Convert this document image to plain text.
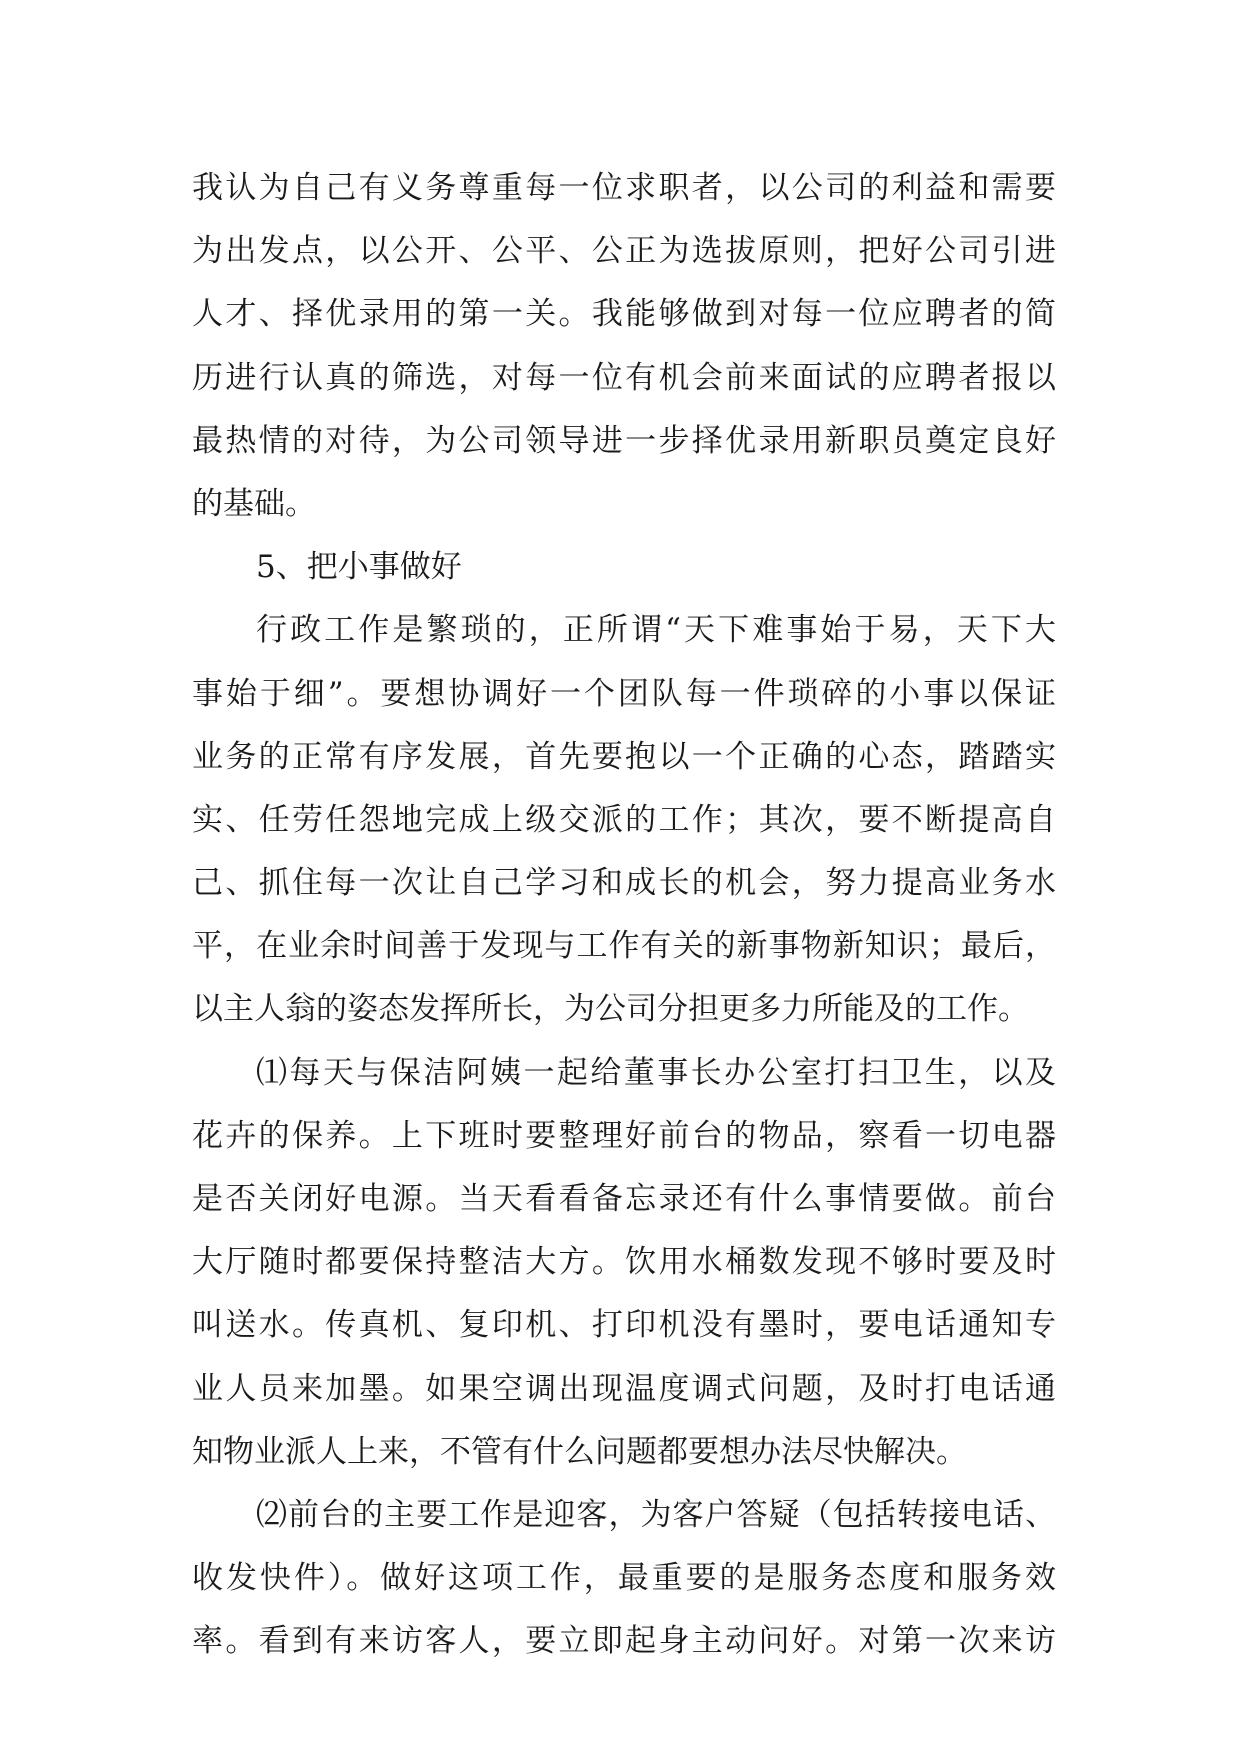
我认为自己有义务尊重每一位求职者，以公司的利益和需要
为出发点，以公开、公平、公正为选拔原则，把好公司引进
人才、择优录用的第一关。我能够做到对每一位应聘者的简
历进行认真的筛选，对每一位有机会前来面试的应聘者报以
最热情的对待，为公司领导进一步择优录用新职员奠定良好
的基础。
5、把小事做好
行政工作是繁琐的，正所谓“天下难事始于易，天下大
事始于细”。要想协调好一个团队每一件琐碎的小事以保证
业务的正常有序发展，首先要抱以一个正确的心态，踏踏实
实、任劳任怨地完成上级交派的工作；其次，要不断提高自
己、抓住每一次让自己学习和成长的机会，努力提高业务水
平，在业余时间善于发现与工作有关的新事物新知识；最后，
以主人翁的姿态发挥所长，为公司分担更多力所能及的工作。
⑴每天与保洁阿姨一起给董事长办公室打扫卫生，以及
花卉的保养。上下班时要整理好前台的物品，察看一切电器
是否关闭好电源。当天看看备忘录还有什么事情要做。前台
大厅随时都要保持整洁大方。饮用水桶数发现不够时要及时
叫送水。传真机、复印机、打印机没有墨时，要电话通知专
业人员来加墨。如果空调出现温度调式问题，及时打电话通
知物业派人上来，不管有什么问题都要想办法尽快解决。
⑵前台的主要工作是迎客，为客户答疑（包括转接电话、
收发快件）。做好这项工作，最重要的是服务态度和服务效
率。看到有来访客人，要立即起身主动问好。对第一次来访
